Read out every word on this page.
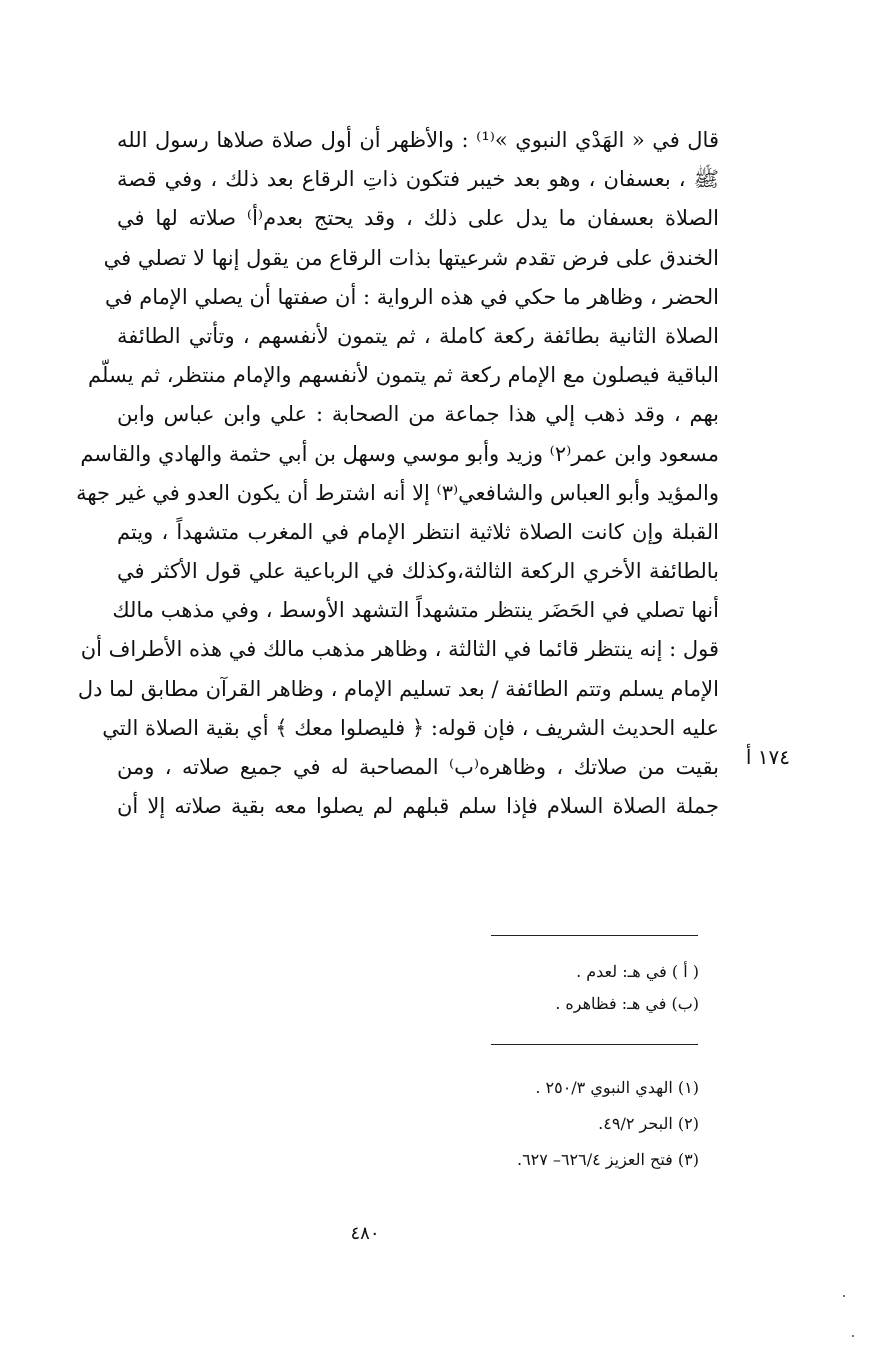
قال في « الهَدْي النبوي »⁽¹⁾ : والأظهر أن أول صلاة صلاها رسول الله
ﷺ ، بعسفان ، وهو بعد خيبر فتكون ذاتِ الرقاع بعد ذلك ، وفي قصة
الصلاة بعسفان ما يدل على ذلك ، وقد يحتج بعدم⁽أ⁾ صلاته لها في
الخندق على فرض تقدم شرعيتها بذات الرقاع من يقول إنها لا تصلي في
الحضر ، وظاهر ما حكي في هذه الرواية : أن صفتها أن يصلي الإمام في
الصلاة الثانية بطائفة ركعة كاملة ، ثم يتمون لأنفسهم ، وتأتي الطائفة
الباقية فيصلون مع الإمام ركعة ثم يتمون لأنفسهم والإمام منتظر، ثم يسلّم
بهم ، وقد ذهب إلي هذا جماعة من الصحابة : علي وابن عباس وابن
مسعود وابن عمر⁽٢⁾ وزيد وأبو موسي وسهل بن أبي حثمة والهادي والقاسم
والمؤيد وأبو العباس والشافعي⁽٣⁾ إلا أنه اشترط أن يكون العدو في غير جهة
القبلة وإن كانت الصلاة ثلاثية انتظر الإمام في المغرب متشهداً ، ويتم
بالطائفة الأخري الركعة الثالثة،وكذلك في الرباعية علي قول الأكثر في
أنها تصلي في الحَضَر ينتظر متشهداً التشهد الأوسط ، وفي مذهب مالك
قول : إنه ينتظر قائما في الثالثة ، وظاهر مذهب مالك في هذه الأطراف أن
الإمام يسلم وتتم الطائفة / بعد تسليم الإمام ، وظاهر القرآن مطابق لما دل
عليه الحديث الشريف ، فإن قوله: ﴿ فليصلوا معك ﴾ أي بقية الصلاة التي
بقيت من صلاتك ، وظاهره⁽ب⁾ المصاحبة له في جميع صلاته ، ومن
جملة الصلاة السلام فإذا سلم قبلهم لم يصلوا معه بقية صلاته إلا أن
١٧٤ أ
( أ ) في هـ: لعدم .
(ب) في هـ: فظاهره .
(١) الهدي النبوي ٢٥٠/٣ .
(٢) البحر ٤٩/٢.
(٣) فتح العزيز ٦٢٦/٤– ٦٢٧.
٤٨٠
